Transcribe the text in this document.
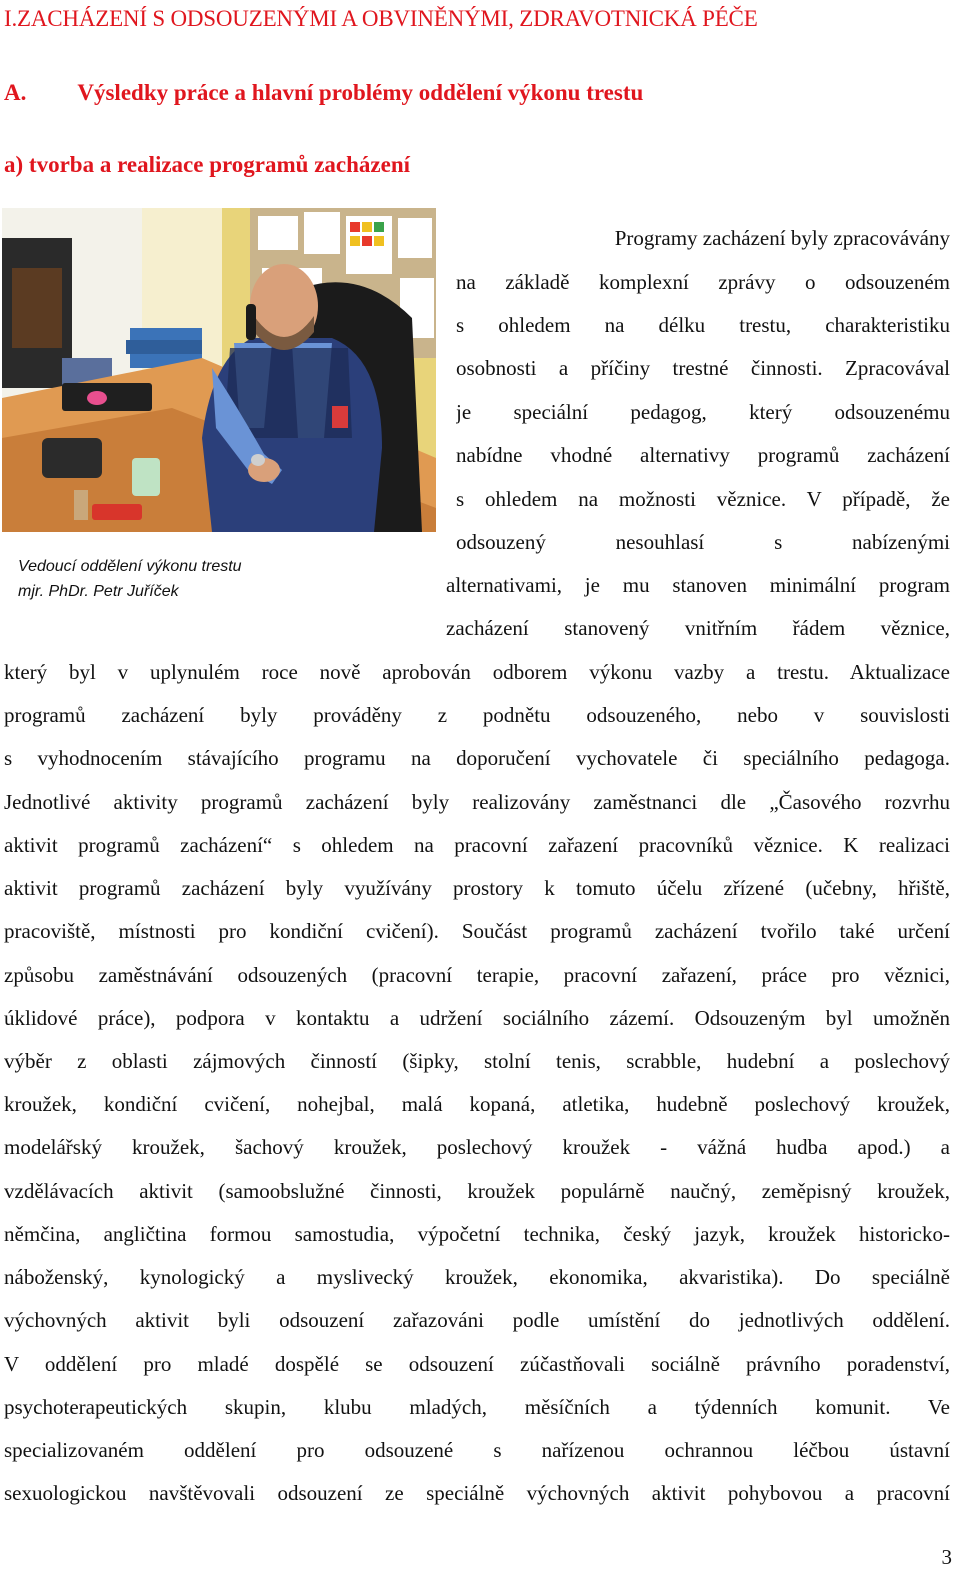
I.ZACHÁZENÍ S ODSOUZENÝMI A OBVINĚNÝMI, ZDRAVOTNICKÁ PÉČE
A. Výsledky práce a hlavní problémy oddělení výkonu trestu
a) tvorba a realizace programů zacházení
Vedoucí oddělení výkonu trestu
mjr. PhDr. Petr Juříček
Programy zacházení byly zpracovávány
na základě komplexní zprávy o odsouzeném
s ohledem na délku trestu, charakteristiku
osobnosti a příčiny trestné činnosti. Zpracovával
je speciální pedagog, který odsouzenému
nabídne vhodné alternativy programů zacházení
s ohledem na možnosti věznice. V případě, že
odsouzený nesouhlasí s nabízenými
alternativami, je mu stanoven minimální program
zacházení stanovený vnitřním řádem věznice,
který byl v uplynulém roce nově aprobován odborem výkonu vazby a trestu. Aktualizace
programů zacházení byly prováděny z podnětu odsouzeného, nebo v souvislosti
s vyhodnocením stávajícího programu na doporučení vychovatele či speciálního pedagoga.
Jednotlivé aktivity programů zacházení byly realizovány zaměstnanci dle „Časového rozvrhu
aktivit programů zacházení“ s ohledem na pracovní zařazení pracovníků věznice. K realizaci
aktivit programů zacházení byly využívány prostory k tomuto účelu zřízené (učebny, hřiště,
pracoviště, místnosti pro kondiční cvičení). Součást programů zacházení tvořilo také určení
způsobu zaměstnávání odsouzených (pracovní terapie, pracovní zařazení, práce pro věznici,
úklidové práce), podpora v kontaktu a udržení sociálního zázemí. Odsouzeným byl umožněn
výběr z oblasti zájmových činností (šipky, stolní tenis, scrabble, hudební a poslechový
kroužek, kondiční cvičení, nohejbal, malá kopaná, atletika, hudebně poslechový kroužek,
modelářský kroužek, šachový kroužek, poslechový kroužek - vážná hudba apod.) a
vzdělávacích aktivit (samoobslužné činnosti, kroužek populárně naučný, zeměpisný kroužek,
němčina, angličtina formou samostudia, výpočetní technika, český jazyk, kroužek historicko-
náboženský, kynologický a myslivecký kroužek, ekonomika, akvaristika). Do speciálně
výchovných aktivit byli odsouzení zařazováni podle umístění do jednotlivých oddělení.
V oddělení pro mladé dospělé se odsouzení zúčastňovali sociálně právního poradenství,
psychoterapeutických skupin, klubu mladých, měsíčních a týdenních komunit. Ve
specializovaném oddělení pro odsouzené s nařízenou ochrannou léčbou ústavní
sexuologickou navštěvovali odsouzení ze speciálně výchovných aktivit pohybovou a pracovní
3
